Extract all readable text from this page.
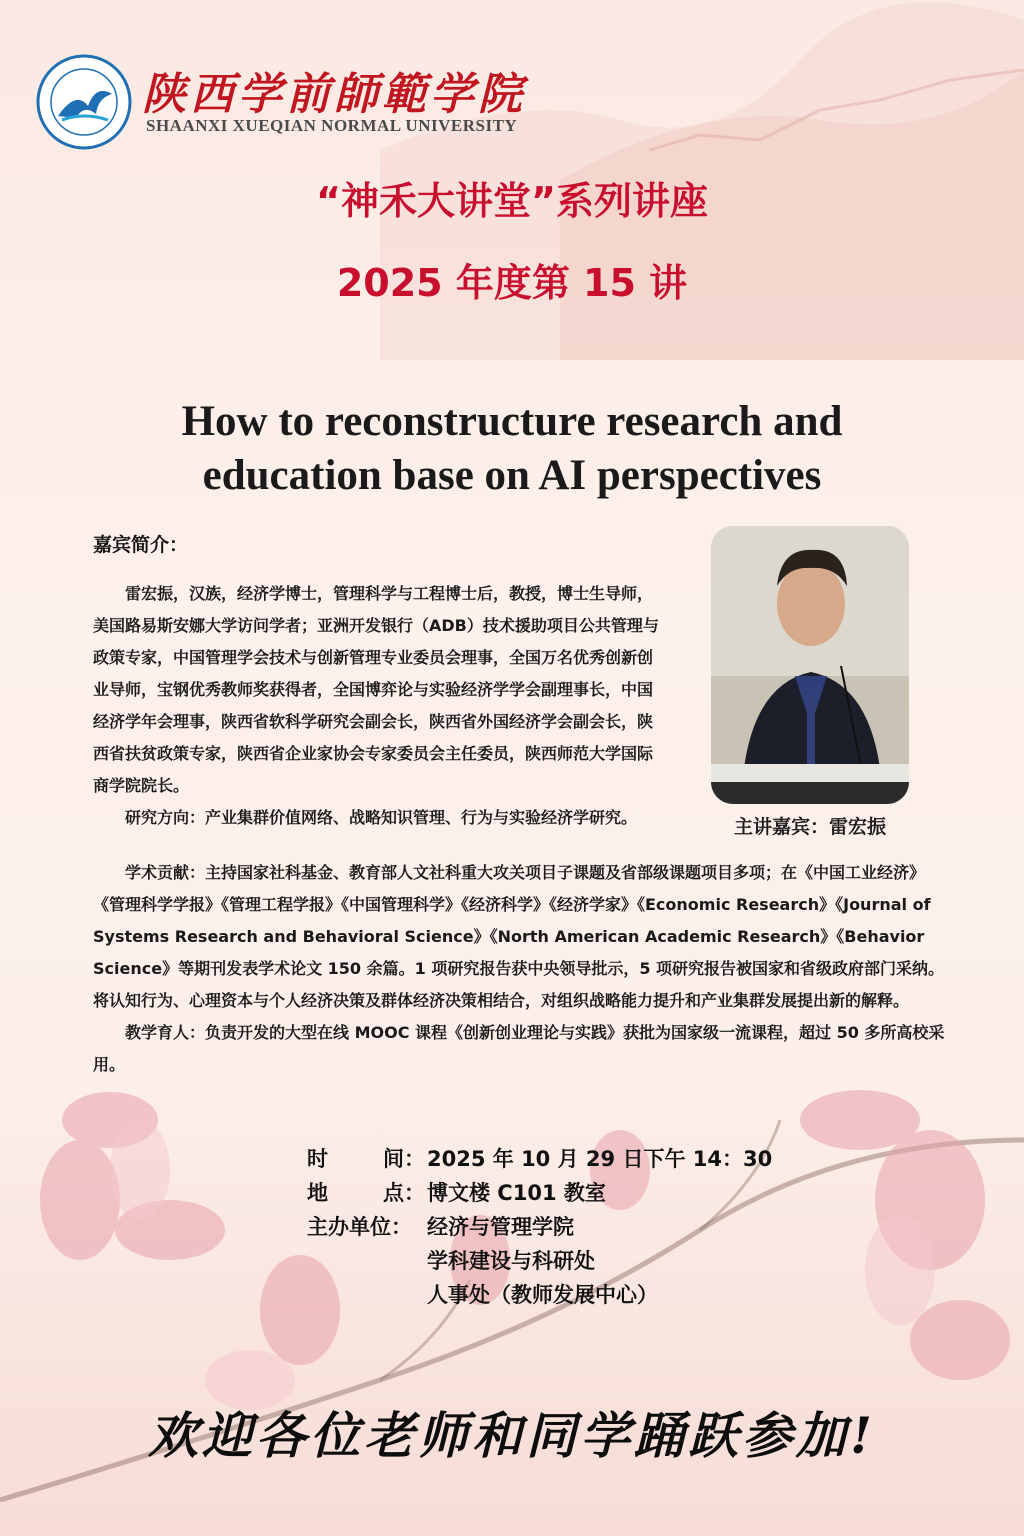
陕西学前師範学院
SHAANXI XUEQIAN NORMAL UNIVERSITY
“神禾大讲堂”系列讲座
2025 年度第 15 讲
How to reconstructure research and
education base on AI perspectives
嘉宾简介：

雷宏振，汉族，经济学博士，管理科学与工程博士后，教授，博士生导师，美国路易斯安娜大学访问学者；亚洲开发银行（ADB）技术援助项目公共管理与政策专家，中国管理学会技术与创新管理专业委员会理事，全国万名优秀创新创业导师，宝钢优秀教师奖获得者，全国博弈论与实验经济学学会副理事长，中国经济学年会理事，陕西省软科学研究会副会长，陕西省外国经济学会副会长，陕西省扶贫政策专家，陕西省企业家协会专家委员会主任委员，陕西师范大学国际商学院院长。

研究方向：产业集群价值网络、战略知识管理、行为与实验经济学研究。	主讲嘉宾：雷宏振

学术贡献：主持国家社科基金、教育部人文社科重大攻关项目子课题及省部级课题项目多项；在《中国工业经济》《管理科学学报》《管理工程学报》《中国管理科学》《经济科学》《经济学家》《Economic Research》《Journal of Systems Research and Behavioral Science》《North American Academic Research》《Behavior Science》等期刊发表学术论文 150 余篇。1 项研究报告获中央领导批示，5 项研究报告被国家和省级政府部门采纳。将认知行为、心理资本与个人经济决策及群体经济决策相结合，对组织战略能力提升和产业集群发展提出新的解释。

教学育人：负责开发的大型在线 MOOC 课程《创新创业理论与实践》获批为国家级一流课程，超过 50 多所高校采用。

时	间： 2025 年 10 月 29 日下午 14：30
地	点： 博文楼 C101 教室
主办单位： 经济与管理学院
学科建设与科研处
人事处（教师发展中心）
欢迎各位老师和同学踊跃参加!
